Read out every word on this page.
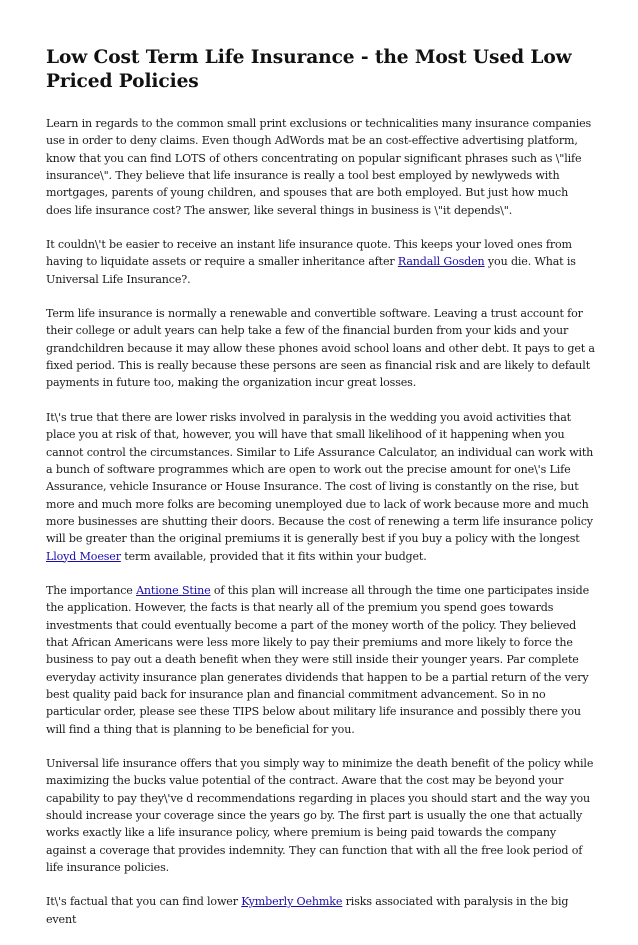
Low Cost Term Life Insurance - the Most Used Low Priced Policies

Learn in regards to the common small print exclusions or technicalities many insurance companies use in order to deny claims. Even though AdWords mat be an cost-effective advertising platform, know that you can find LOTS of others concentrating on popular significant phrases such as \"life insurance\". They believe that life insurance is really a tool best employed by newlyweds with mortgages, parents of young children, and spouses that are both employed. But just how much does life insurance cost? The answer, like several things in business is \"it depends\".

It couldn\'t be easier to receive an instant life insurance quote. This keeps your loved ones from having to liquidate assets or require a smaller inheritance after Randall Gosden you die. What is Universal Life Insurance?.

Term life insurance is normally a renewable and convertible software. Leaving a trust account for their college or adult years can help take a few of the financial burden from your kids and your grandchildren because it may allow these phones avoid school loans and other debt. It pays to get a fixed period. This is really because these persons are seen as financial risk and are likely to default payments in future too, making the organization incur great losses.

It\'s true that there are lower risks involved in paralysis in the wedding you avoid activities that place you at risk of that, however, you will have that small likelihood of it happening when you cannot control the circumstances. Similar to Life Assurance Calculator, an individual can work with a bunch of software programmes which are open to work out the precise amount for one\'s Life Assurance, vehicle Insurance or House Insurance. The cost of living is constantly on the rise, but more and much more folks are becoming unemployed due to lack of work because more and much more businesses are shutting their doors. Because the cost of renewing a term life insurance policy will be greater than the original premiums it is generally best if you buy a policy with the longest Lloyd Moeser term available, provided that it fits within your budget.

The importance Antione Stine of this plan will increase all through the time one participates inside the application. However, the facts is that nearly all of the premium you spend goes towards investments that could eventually become a part of the money worth of the policy. They believed that African Americans were less more likely to pay their premiums and more likely to force the business to pay out a death benefit when they were still inside their younger years. Par complete everyday activity insurance plan generates dividends that happen to be a partial return of the very best quality paid back for insurance plan and financial commitment advancement. So in no particular order, please see these TIPS below about military life insurance and possibly there you will find a thing that is planning to be beneficial for you.

Universal life insurance offers that you simply way to minimize the death benefit of the policy while maximizing the bucks value potential of the contract. Aware that the cost may be beyond your capability to pay they\'ve d recommendations regarding in places you should start and the way you should increase your coverage since the years go by. The first part is usually the one that actually works exactly like a life insurance policy, where premium is being paid towards the company against a coverage that provides indemnity. They can function that with all the free look period of life insurance policies.

It\'s factual that you can find lower Kymberly Oehmke risks associated with paralysis in the big event
